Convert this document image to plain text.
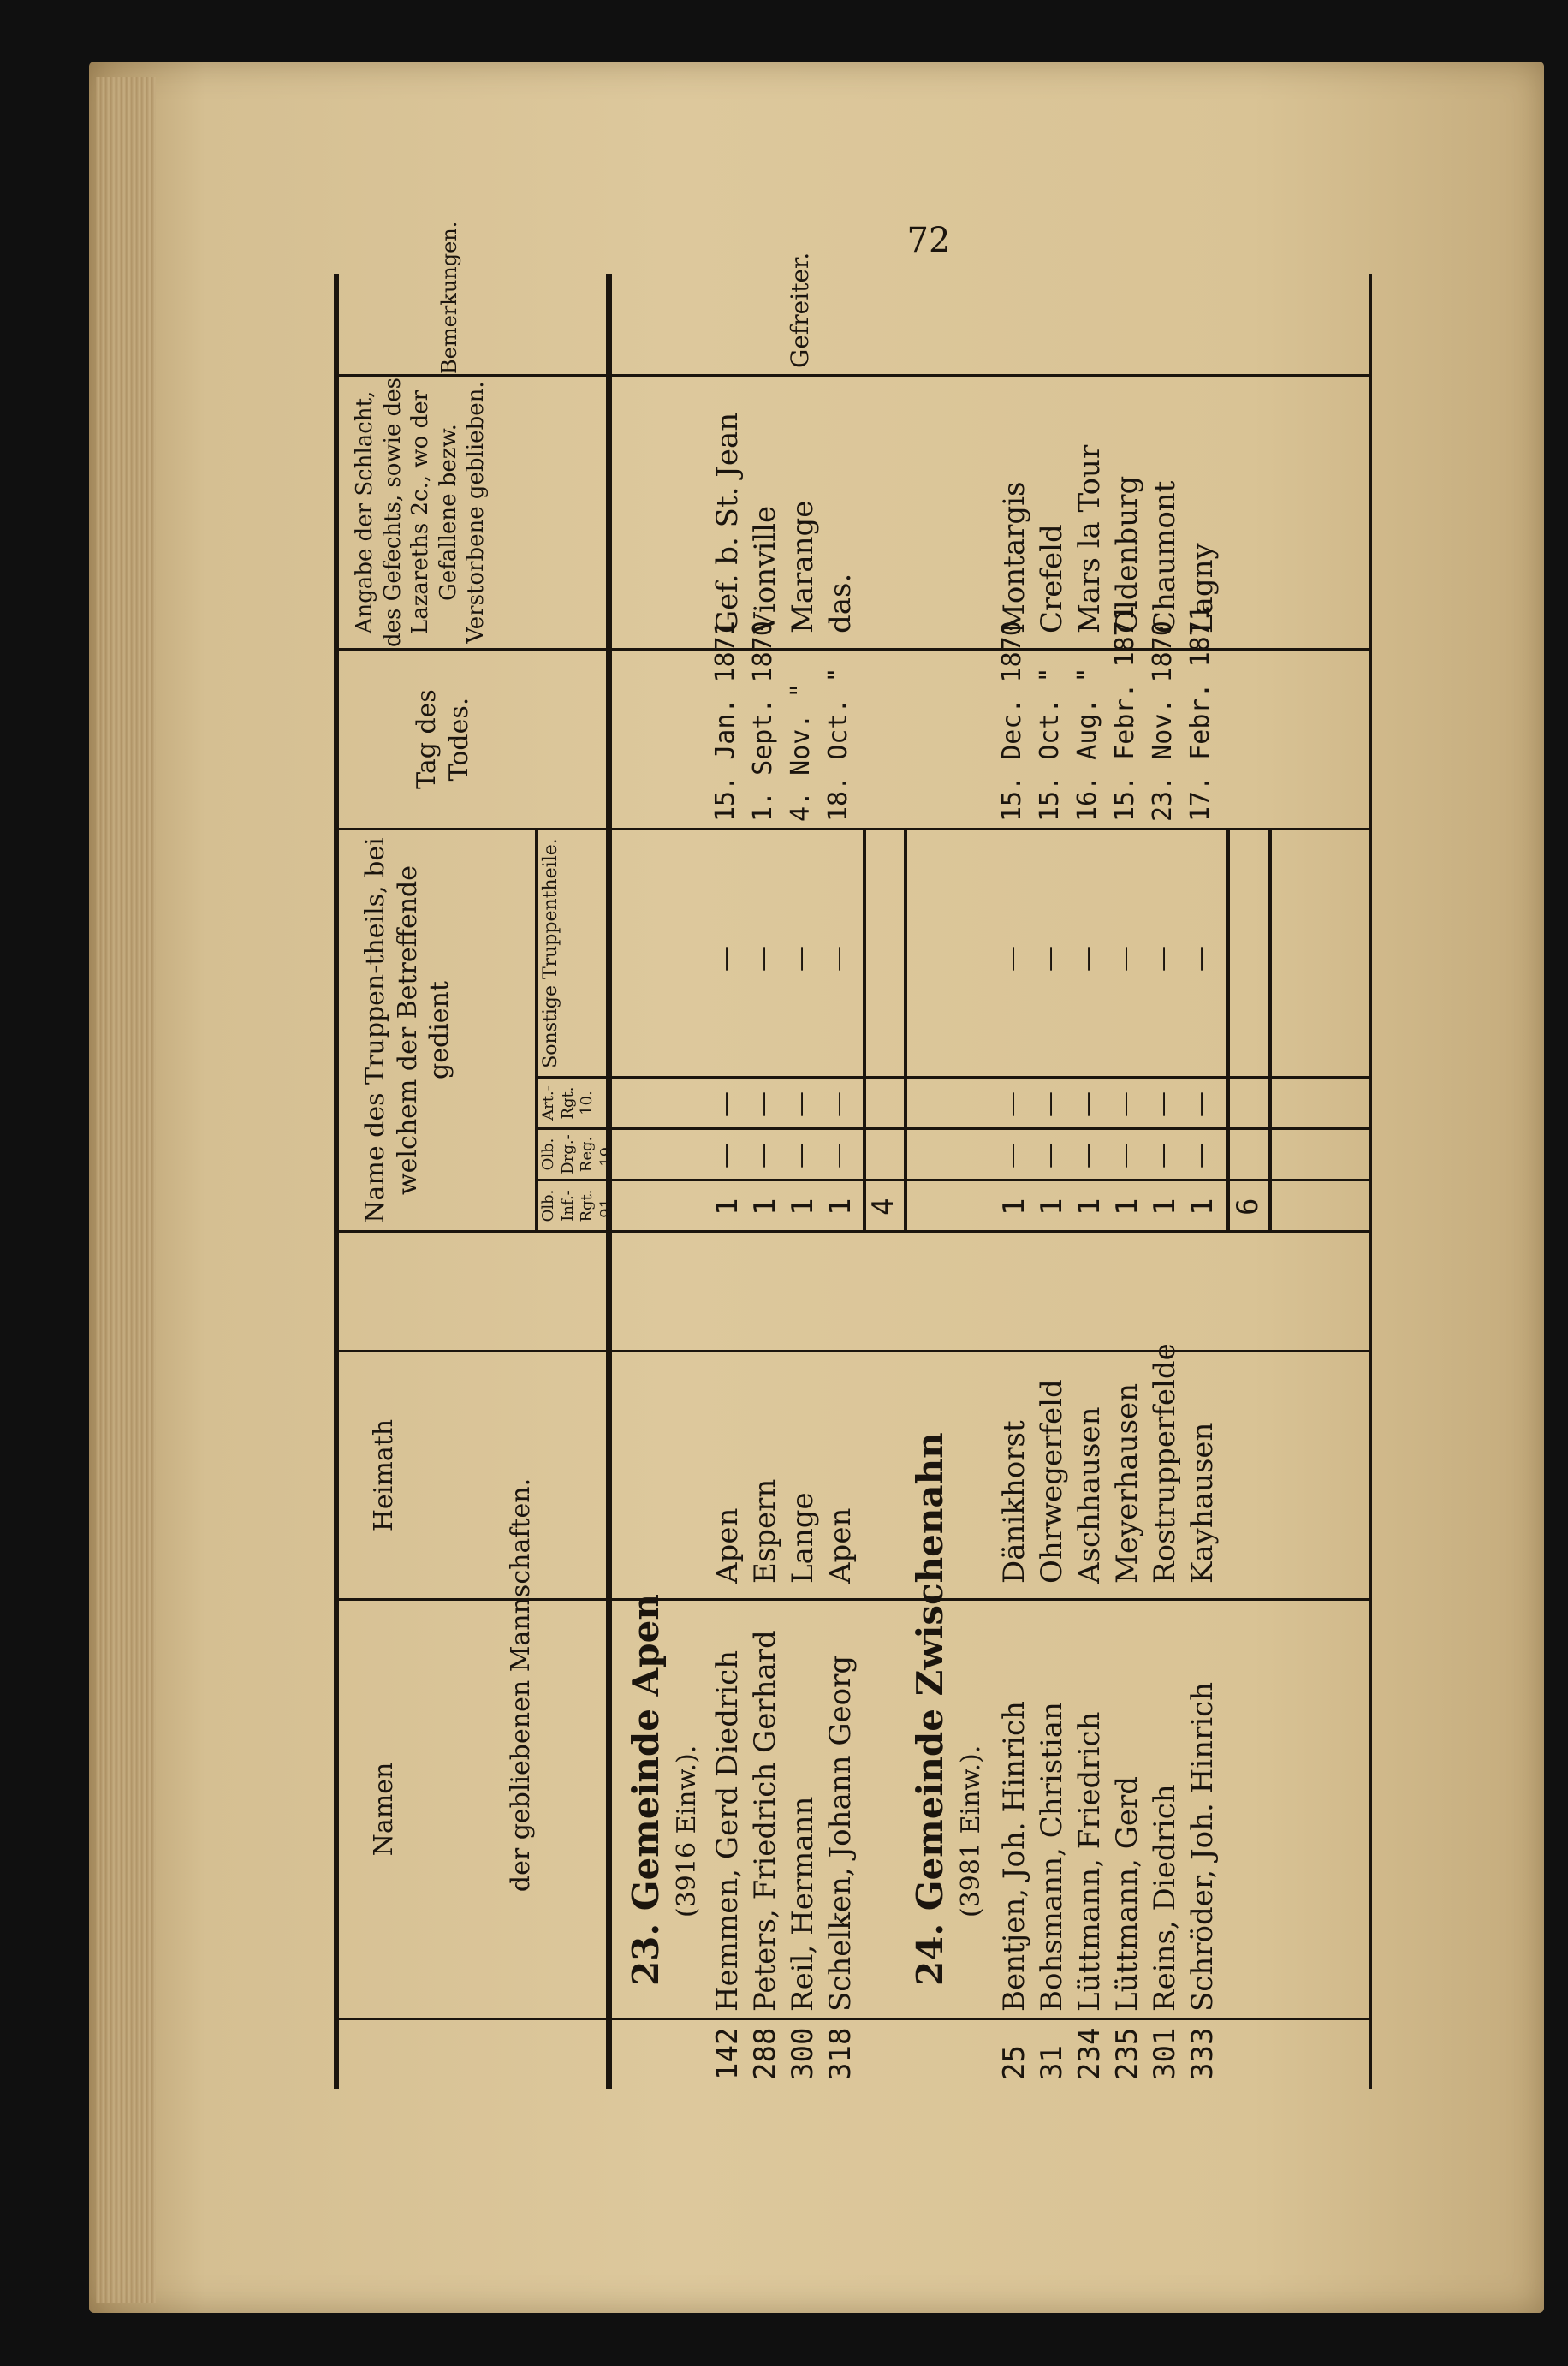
72
Namen
Heimath
der gebliebenen Mannschaften.
Name des Truppen-theils, bei welchem der Betreffende gedient
Olb. Inf.-Rgt. 91.
Olb. Drg.-Reg. 19.
Art.-Rgt. 10.
Sonstige Truppentheile.
Tag des Todes.
Angabe der Schlacht, des Gefechts, sowie des Lazareths 2c., wo der Gefallene bezw. Verstorbene geblieben.
Bemerkungen.
23. Gemeinde Apen (3916 Einw.).
142
Hemmen, Gerd Diedrich
Apen
1
—
—
—
15. Jan. 1871
Gef. b. St. Jean
288
Peters, Friedrich Gerhard
Espern
1
—
—
—
1. Sept. 1870
Vionville
300
Reil, Hermann
Lange
1
—
—
—
4. Nov. "
Marange
Gefreiter.
318
Schelken, Johann Georg
Apen
1
—
—
—
18. Oct. "
das.
4
24. Gemeinde Zwischenahn (3981 Einw.).
25
Bentjen, Joh. Hinrich
Dänikhorst
1
—
—
—
15. Dec. 1870
Montargis
31
Bohsmann, Christian
Ohrwegerfeld
1
—
—
—
15. Oct. "
Crefeld
234
Lüttmann, Friedrich
Aschhausen
1
—
—
—
16. Aug. "
Mars la Tour
235
Lüttmann, Gerd
Meyerhausen
1
—
—
—
15. Febr. 1871
Oldenburg
301
Reins, Diedrich
Rostrupperfelde
1
—
—
—
23. Nov. 1870
Chaumont
333
Schröder, Joh. Hinrich
Kayhausen
1
—
—
—
17. Febr. 1871
Lagny
6
